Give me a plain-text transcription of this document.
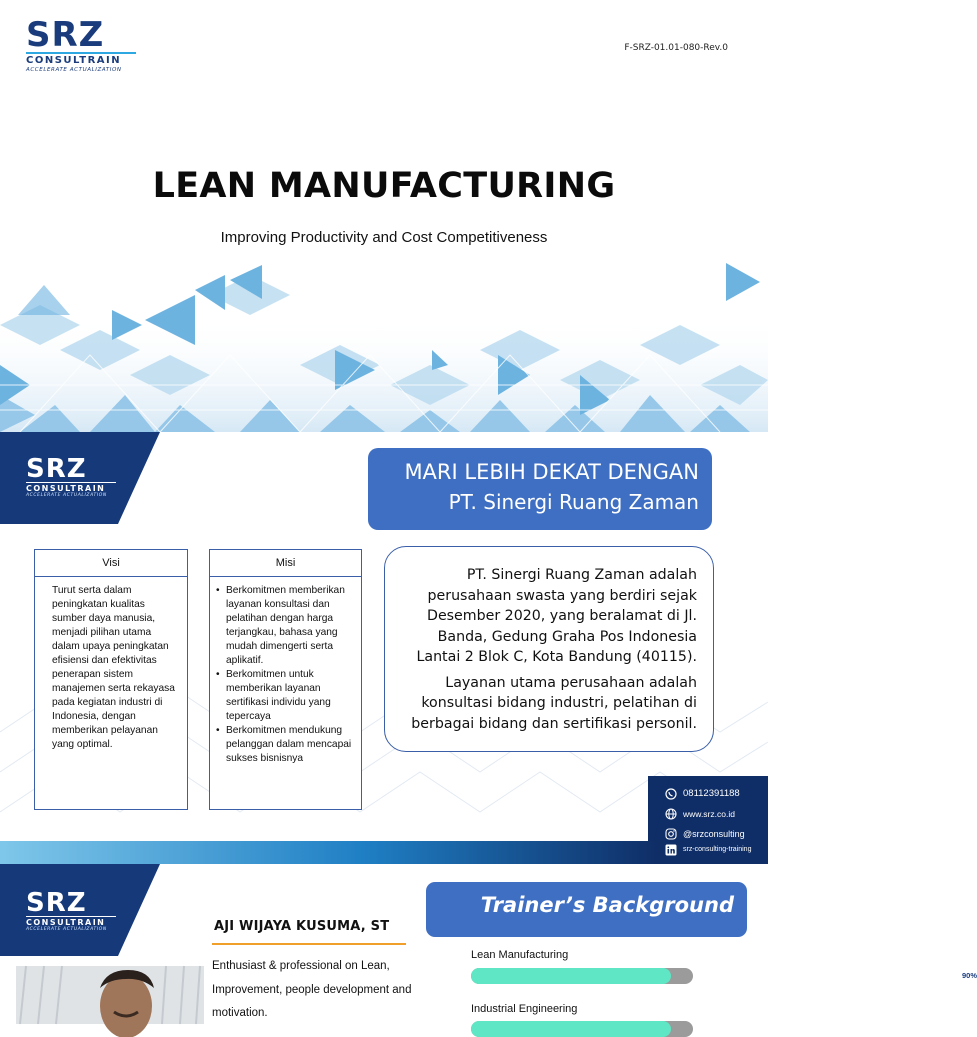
SRZ
CONSULTRAIN
ACCELERATE ACTUALIZATION
F-SRZ-01.01-080-Rev.0
LEAN MANUFACTURING
Improving Productivity and Cost Competitiveness
SRZ
CONSULTRAIN
ACCELERATE ACTUALIZATION
MARI LEBIH DEKAT DENGAN
PT. Sinergi Ruang Zaman
Visi
Turut serta dalam peningkatan kualitas sumber daya manusia, menjadi pilihan utama dalam upaya peningkatan efisiensi dan efektivitas penerapan sistem manajemen serta rekayasa pada kegiatan industri di Indonesia, dengan memberikan pelayanan yang optimal.
Misi
• Berkomitmen memberikan layanan konsultasi dan pelatihan dengan harga terjangkau, bahasa yang mudah dimengerti serta aplikatif.
• Berkomitmen untuk memberikan layanan sertifikasi individu yang tepercaya
• Berkomitmen mendukung pelanggan dalam mencapai sukses bisnisnya

PT. Sinergi Ruang Zaman adalah perusahaan swasta yang berdiri sejak Desember 2020, yang beralamat di Jl. Banda, Gedung Graha Pos Indonesia Lantai 2 Blok C, Kota Bandung (40115).

Layanan utama perusahaan adalah konsultasi bidang industri, pelatihan di berbagai bidang dan sertifikasi personil.

08112391188
www.srz.co.id
@srzconsulting
srz-consulting-training
SRZ
CONSULTRAIN
ACCELERATE ACTUALIZATION	AJI WIJAYA KUSUMA, ST
Enthusiast & professional on Lean, Improvement, people development and motivation.
Trainer’s Background
Lean Manufacturing
90%
Industrial Engineering
